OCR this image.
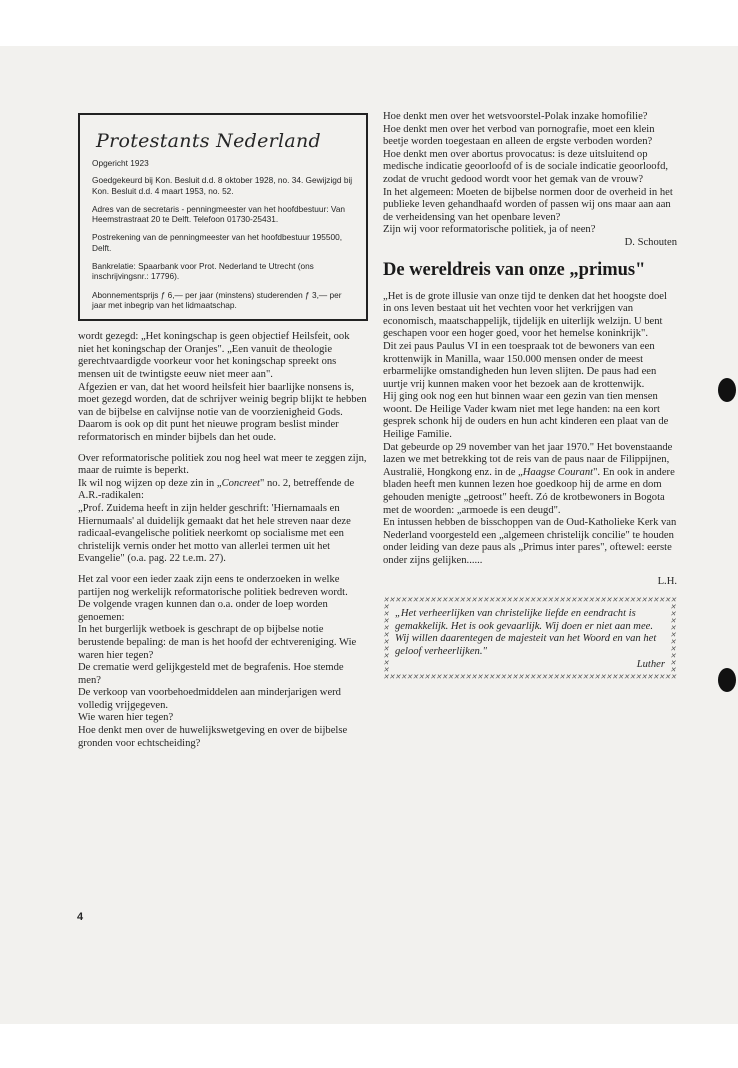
Protestants Nederland
Opgericht 1923

Goedgekeurd bij Kon. Besluit d.d. 8 oktober 1928, no. 34. Gewijzigd bij Kon. Besluit d.d. 4 maart 1953, no. 52.

Adres van de secretaris - penningmeester van het hoofdbestuur: Van Heemstrastraat 20 te Delft. Telefoon 01730-25431.

Postrekening van de penningmeester van het hoofdbestuur 195500, Delft.

Bankrelatie: Spaarbank voor Prot. Nederland te Utrecht (ons inschrijvingsnr.: 17796).

Abonnementsprijs ƒ 6,— per jaar (minstens) studerenden ƒ 3,— per jaar met inbegrip van het lidmaatschap.

wordt gezegd: „Het koningschap is geen objectief Heilsfeit, ook niet het koningschap der Oranjes". „Een vanuit de theologie gerechtvaardigde voorkeur voor het koningschap spreekt ons mensen uit de twintigste eeuw niet meer aan".

Afgezien er van, dat het woord heilsfeit hier baarlijke nonsens is, moet gezegd worden, dat de schrijver weinig begrip blijkt te hebben van de bijbelse en calvijnse notie van de voorzienigheid Gods. Daarom is ook op dit punt het nieuwe program beslist minder reformatorisch en minder bijbels dan het oude.

Over reformatorische politiek zou nog heel wat meer te zeggen zijn, maar de ruimte is beperkt.

Ik wil nog wijzen op deze zin in „Concreet" no. 2, betreffende de A.R.-radikalen:

„Prof. Zuidema heeft in zijn helder geschrift: 'Hiernamaals en Hiernumaals' al duidelijk gemaakt dat het hele streven naar deze radicaal-evangelische politiek neerkomt op socialisme met een christelijk vernis onder het motto van allerlei termen uit het Evangelie" (o.a. pag. 22 t.e.m. 27).

Het zal voor een ieder zaak zijn eens te onderzoeken in welke partijen nog werkelijk reformatorische politiek bedreven wordt.

De volgende vragen kunnen dan o.a. onder de loep worden genoemen:

In het burgerlijk wetboek is geschrapt de op bijbelse notie berustende bepaling: de man is het hoofd der echtvereniging. Wie waren hier tegen?

De crematie werd gelijkgesteld met de begrafenis. Hoe stemde men?

De verkoop van voorbehoedmiddelen aan minderjarigen werd volledig vrijgegeven.

Wie waren hier tegen?

Hoe denkt men over de huwelijkswetgeving en over de bijbelse gronden voor echtscheiding?

Hoe denkt men over het wetsvoorstel-Polak inzake homofilie?

Hoe denkt men over het verbod van pornografie, moet een klein beetje worden toegestaan en alleen de ergste verboden worden?

Hoe denkt men over abortus provocatus: is deze uitsluitend op medische indicatie geoorloofd of is de sociale indicatie geoorloofd, zodat de vrucht gedood wordt voor het gemak van de vrouw?

In het algemeen: Moeten de bijbelse normen door de overheid in het publieke leven gehandhaafd worden of passen wij ons maar aan aan de verheidensing van het openbare leven?

Zijn wij voor reformatorische politiek, ja of neen?

D. Schouten

De wereldreis van onze „primus"

„Het is de grote illusie van onze tijd te denken dat het hoogste doel in ons leven bestaat uit het vechten voor het verkrijgen van economisch, maatschappelijk, tijdelijk en uiterlijk welzijn. U bent geschapen voor een hoger goed, voor het hemelse koninkrijk".

Dit zei paus Paulus VI in een toespraak tot de bewoners van een krottenwijk in Manilla, waar 150.000 mensen onder de meest erbarmelijke omstandigheden hun leven slijten. De paus had een uurtje vrij kunnen maken voor het bezoek aan de krottenwijk.

Hij ging ook nog een hut binnen waar een gezin van tien mensen woont. De Heilige Vader kwam niet met lege handen: na een kort gesprek schonk hij de ouders en hun acht kinderen een plaat van de Heilige Familie.

Dat gebeurde op 29 november van het jaar 1970." Het bovenstaande lazen we met betrekking tot de reis van de paus naar de Filippijnen, Australië, Hongkong enz. in de „Haagse Courant". En ook in andere bladen heeft men kunnen lezen hoe goedkoop hij de arme en dom gehouden menigte „getroost" heeft. Zó de krotbewoners in Bogota met de woorden: „armoede is een deugd".

En intussen hebben de bisschoppen van de Oud-Katholieke Kerk van Nederland voorgesteld een „algemeen christelijk concilie" te houden onder leiding van deze paus als „Primus inter pares", oftewel: eerste onder zijns gelijken......

L.H.

✕✕✕✕✕✕✕✕✕✕✕✕✕✕✕✕✕✕✕✕✕✕✕✕✕✕✕✕✕✕✕✕✕✕✕✕✕✕✕✕✕✕✕✕✕✕✕✕✕✕
✕✕✕✕✕✕✕✕✕✕
✕✕✕✕✕✕✕✕✕✕
✕✕✕✕✕✕✕✕✕✕✕✕✕✕✕✕✕✕✕✕✕✕✕✕✕✕✕✕✕✕✕✕✕✕✕✕✕✕✕✕✕✕✕✕✕✕✕✕✕✕

„Het verheerlijken van christelijke liefde en eendracht is gemakkelijk. Het is ook gevaarlijk. Wij doen er niet aan mee.

Wij willen daarentegen de majesteit van het Woord en van het geloof verheerlijken."

Luther

4
